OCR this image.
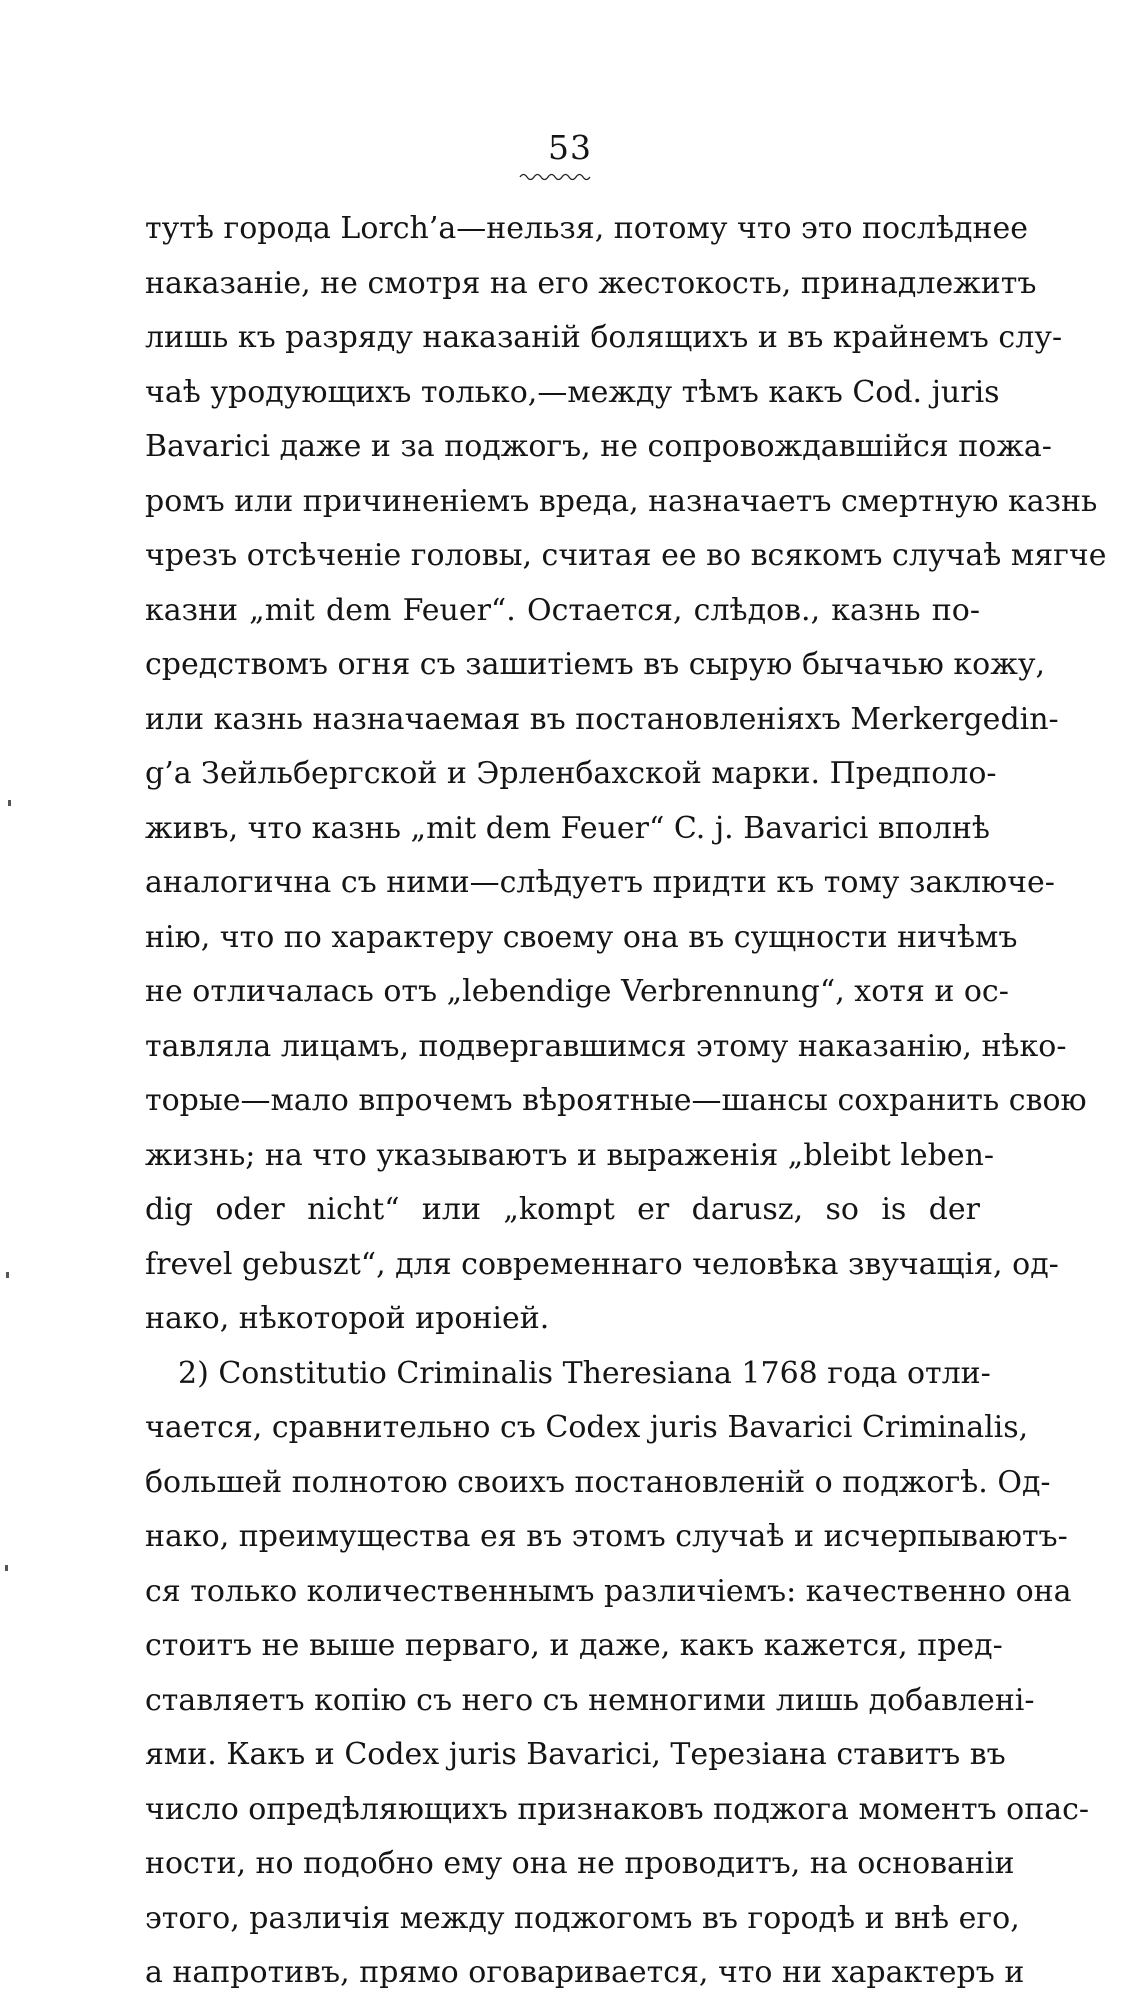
53
тутѣ города Lorch’a—нельзя, потому что это послѣднее
наказаніе, не смотря на его жестокость, принадлежитъ
лишь къ разряду наказаній болящихъ и въ крайнемъ слу-
чаѣ уродующихъ только,—между тѣмъ какъ Cod. juris
Bavarici даже и за поджогъ, не сопровождавшійся пожа-
ромъ или причиненіемъ вреда, назначаетъ смертную казнь
чрезъ отсѣченіе головы, считая ее во всякомъ случаѣ мягче
казни „mit dem Feuer“. Остается, слѣдов., казнь по-
средствомъ огня съ зашитіемъ въ сырую бычачью кожу,
или казнь назначаемая въ постановленіяхъ Merkergedin-
g’a Зейльбергской и Эрленбахской марки. Предполо-
живъ, что казнь „mit dem Feuer“ C. j. Bavarici вполнѣ
аналогична съ ними—слѣдуетъ придти къ тому заключе-
нію, что по характеру своему она въ сущности ничѣмъ
не отличалась отъ „lebendige Verbrennung“, хотя и ос-
тавляла лицамъ, подвергавшимся этому наказанію, нѣко-
торые—мало впрочемъ вѣроятные—шансы сохранить свою
жизнь; на что указываютъ и выраженія „bleibt leben-
dig oder nicht“ или „kompt er darusz, so is der
frevel gebuszt“, для современнаго человѣка звучащія, од-
нако, нѣкоторой ироніей.
2) Constitutio Criminalis Theresiana 1768 года отли-
чается, сравнительно съ Codex juris Bavarici Criminalis,
большей полнотою своихъ постановленій о поджогѣ. Од-
нако, преимущества ея въ этомъ случаѣ и исчерпываютъ-
ся только количественнымъ различіемъ: качественно она
стоитъ не выше перваго, и даже, какъ кажется, пред-
ставляетъ копію съ него съ немногими лишь добавлені-
ями. Какъ и Codex juris Bavarici, Терезіана ставитъ въ
число опредѣляющихъ признаковъ поджога моментъ опас-
ности, но подобно ему она не проводитъ, на основаніи
этого, различія между поджогомъ въ городѣ и внѣ его,
а напротивъ, прямо оговаривается, что ни характеръ и
